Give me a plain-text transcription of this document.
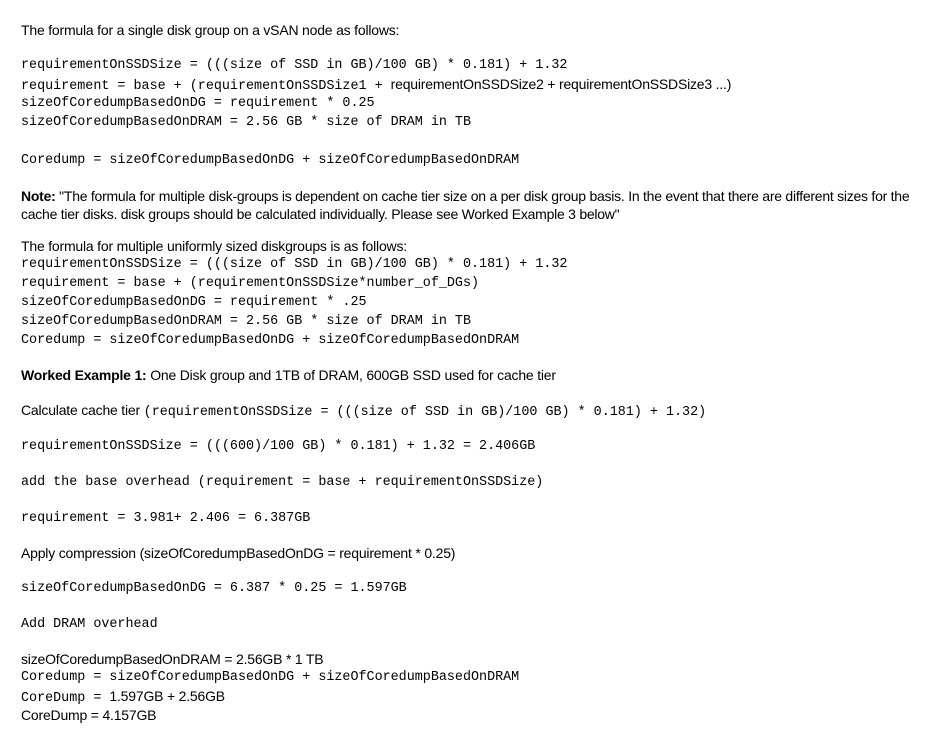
The formula for a single disk group on a vSAN node as follows:
requirementOnSSDSize = (((size of SSD in GB)/100 GB) * 0.181) + 1.32
requirement = base + (requirementOnSSDSize1 + requirementOnSSDSize2 + requirementOnSSDSize3 ...)
sizeOfCoredumpBasedOnDG = requirement * 0.25
sizeOfCoredumpBasedOnDRAM = 2.56 GB * size of DRAM in TB
Coredump = sizeOfCoredumpBasedOnDG + sizeOfCoredumpBasedOnDRAM
Note: "The formula for multiple disk-groups is dependent on cache tier size on a per disk group basis. In the event that there are different sizes for the cache tier disks. disk groups should be calculated individually. Please see Worked Example 3 below"
The formula for multiple uniformly sized diskgroups is as follows:
requirementOnSSDSize = (((size of SSD in GB)/100 GB) * 0.181) + 1.32
requirement = base + (requirementOnSSDSize*number_of_DGs)
sizeOfCoredumpBasedOnDG = requirement * .25
sizeOfCoredumpBasedOnDRAM = 2.56 GB * size of DRAM in TB
Coredump = sizeOfCoredumpBasedOnDG + sizeOfCoredumpBasedOnDRAM
Worked Example 1: One Disk group and 1TB of DRAM, 600GB SSD used for cache tier
Calculate cache tier (requirementOnSSDSize = (((size of SSD in GB)/100 GB) * 0.181) + 1.32)
requirementOnSSDSize = (((600)/100 GB) * 0.181) + 1.32 = 2.406GB
add the base overhead (requirement = base + requirementOnSSDSize)
requirement = 3.981+ 2.406 = 6.387GB
Apply compression (sizeOfCoredumpBasedOnDG = requirement * 0.25)
sizeOfCoredumpBasedOnDG = 6.387 * 0.25 = 1.597GB
Add DRAM overhead
sizeOfCoredumpBasedOnDRAM = 2.56GB * 1 TB
Coredump = sizeOfCoredumpBasedOnDG + sizeOfCoredumpBasedOnDRAM
CoreDump = 1.597GB + 2.56GB
CoreDump = 4.157GB
